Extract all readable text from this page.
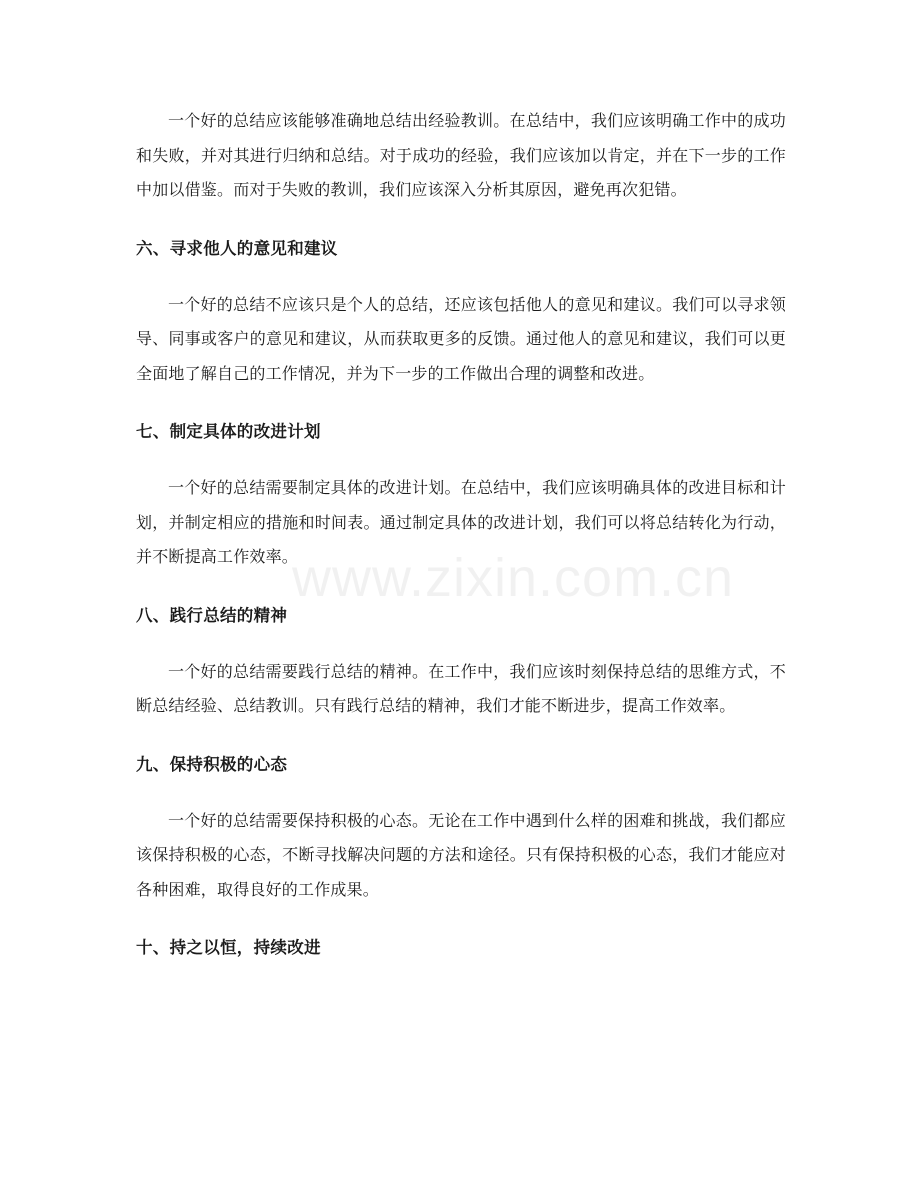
一个好的总结应该能够准确地总结出经验教训。在总结中，我们应该明确工作中的成功和失败，并对其进行归纳和总结。对于成功的经验，我们应该加以肯定，并在下一步的工作中加以借鉴。而对于失败的教训，我们应该深入分析其原因，避免再次犯错。

六、寻求他人的意见和建议

一个好的总结不应该只是个人的总结，还应该包括他人的意见和建议。我们可以寻求领导、同事或客户的意见和建议，从而获取更多的反馈。通过他人的意见和建议，我们可以更全面地了解自己的工作情况，并为下一步的工作做出合理的调整和改进。

七、制定具体的改进计划

一个好的总结需要制定具体的改进计划。在总结中，我们应该明确具体的改进目标和计划，并制定相应的措施和时间表。通过制定具体的改进计划，我们可以将总结转化为行动，并不断提高工作效率。

八、践行总结的精神

一个好的总结需要践行总结的精神。在工作中，我们应该时刻保持总结的思维方式，不断总结经验、总结教训。只有践行总结的精神，我们才能不断进步，提高工作效率。

九、保持积极的心态

一个好的总结需要保持积极的心态。无论在工作中遇到什么样的困难和挑战，我们都应该保持积极的心态，不断寻找解决问题的方法和途径。只有保持积极的心态，我们才能应对各种困难，取得良好的工作成果。

十、持之以恒，持续改进
www.zixin.com.cn
